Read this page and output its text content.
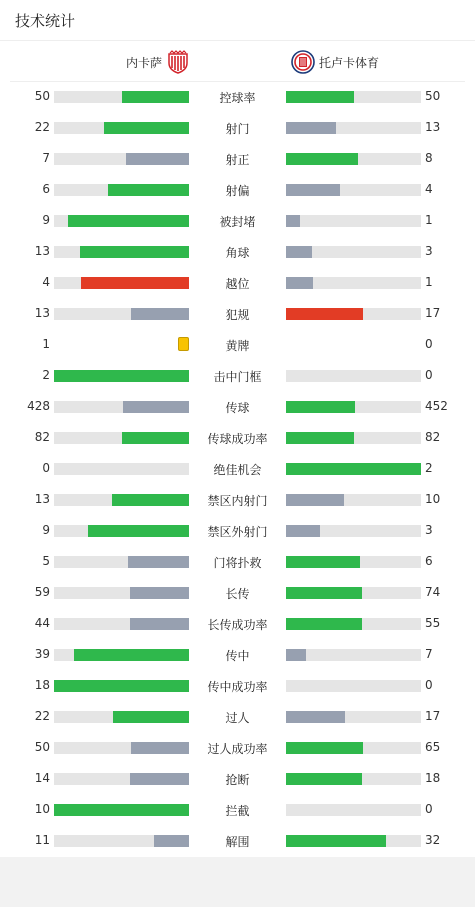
技术统计
内卡萨	托卢卡体育
50	控球率	50
22	射门	13
7	射正	8
6	射偏	4
9	被封堵	1
13	角球	3
4	越位	1
13	犯规	17
1	黄牌	0
2	击中门框	0
428	传球	452
82	传球成功率	82
0	绝佳机会	2
13	禁区内射门	10
9	禁区外射门	3
5	门将扑救	6
59	长传	74
44	长传成功率	55
39	传中	7
18	传中成功率	0
22	过人	17
50	过人成功率	65
14	抢断	18
10	拦截	0
11	解围	32
